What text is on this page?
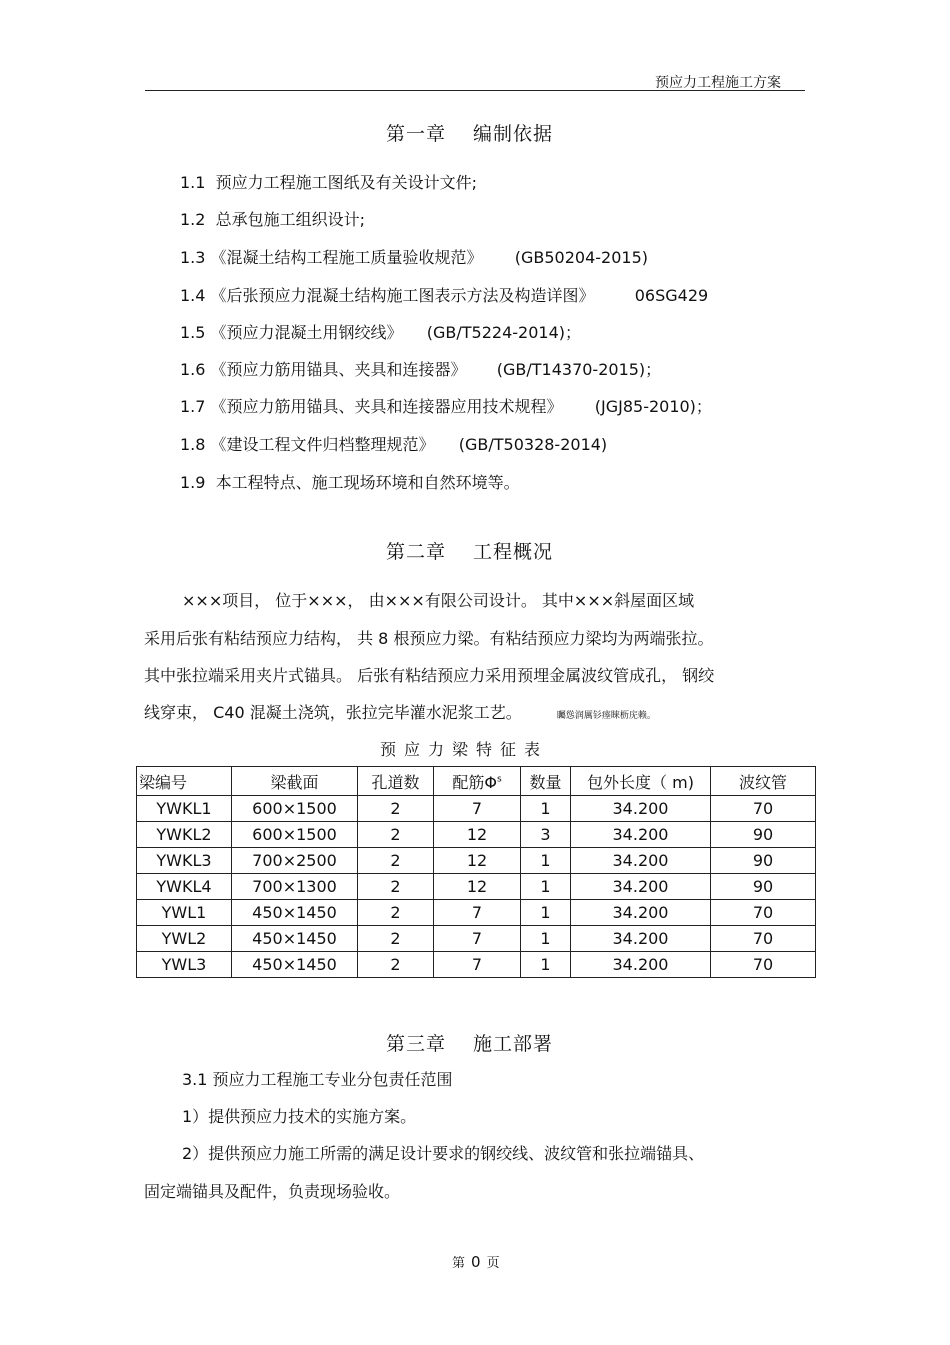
预应力工程施工方案
第一章　 编制依据
1.1 预应力工程施工图纸及有关设计文件;
1.2 总承包施工组织设计;
1.3 《混凝土结构工程施工质量验收规范》 (GB50204-2015)
1.4 《后张预应力混凝土结构施工图表示方法及构造详图》	06SG429
1.5 《预应力混凝土用钢绞线》 (GB/T5224-2014)；
1.6 《预应力筋用锚具、夹具和连接器》 (GB/T14370-2015)；
1.7 《预应力筋用锚具、夹具和连接器应用技术规程》 (JGJ85-2010)；
1.8 《建设工程文件归档整理规范》 (GB/T50328-2014)
1.9 本工程特点、施工现场环境和自然环境等。
第二章　 工程概况
×××项目， 位于×××， 由×××有限公司设计。 其中×××斜屋面区域
采用后张有粘结预应力结构， 共 8 根预应力梁。有粘结预应力梁均为两端张拉。
其中张拉端采用夹片式锚具。 后张有粘结预应力采用预埋金属波纹管成孔， 钢绞
线穿束， C40 混凝土浇筑，张拉完毕灌水泥浆工艺。	矚慫润厲钐瘗睞枥庑赖。
预应力梁特征表
梁编号	梁截面	孔道数	配筋$\Phi^s$	数量	包外长度（ m)	波纹管
YWKL1	600×1500	2	7	1	34.200	70
YWKL2	600×1500	2	12	3	34.200	90
YWKL3	700×2500	2	12	1	34.200	90
YWKL4	700×1300	2	12	1	34.200	90
YWL1	450×1450	2	7	1	34.200	70
YWL2	450×1450	2	7	1	34.200	70
YWL3	450×1450	2	7	1	34.200	70
第三章　 施工部署
3.1 预应力工程施工专业分包责任范围
1）提供预应力技术的实施方案。
2）提供预应力施工所需的满足设计要求的钢绞线、波纹管和张拉端锚具、
固定端锚具及配件，负责现场验收。
第 0 页
